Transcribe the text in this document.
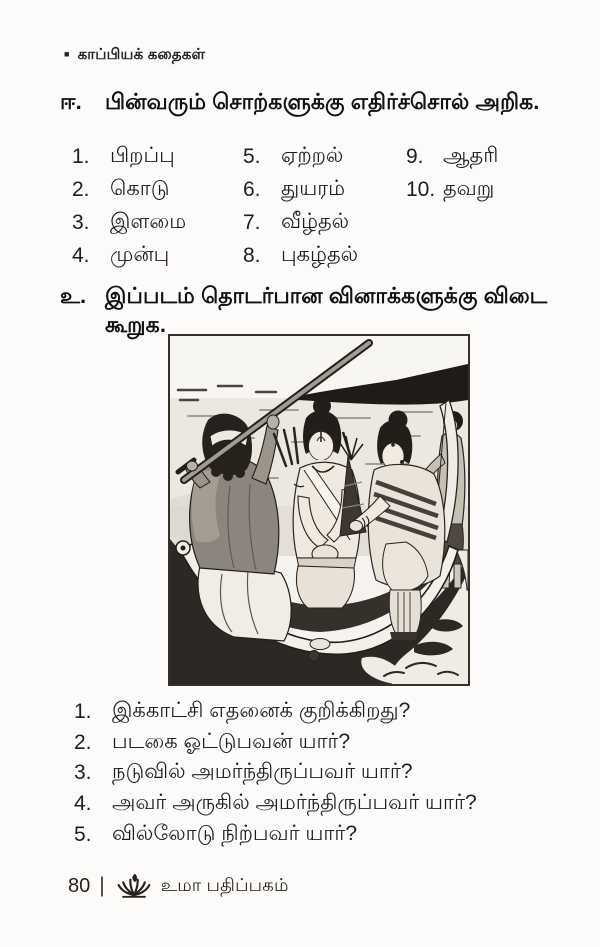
■ காப்பியக் கதைகள்
ஈ.	பின்வரும் சொற்களுக்கு எதிர்ச்சொல் அறிக.
1. பிறப்பு
2. கொடு
3. இளமை
4. முன்பு
5. ஏற்றல்
6. துயரம்
7. வீழ்தல்
8. புகழ்தல்
9. ஆதரி
10. தவறு
உ. இப்படம் தொடர்பான வினாக்களுக்கு விடை கூறுக.
1. இக்காட்சி எதனைக் குறிக்கிறது?
2. படகை ஓட்டுபவன் யார்?
3. நடுவில் அமர்ந்திருப்பவர் யார்?
4. அவர் அருகில் அமர்ந்திருப்பவர் யார்?
5. வில்லோடு நிற்பவர் யார்?
80 |	உமா பதிப்பகம்
